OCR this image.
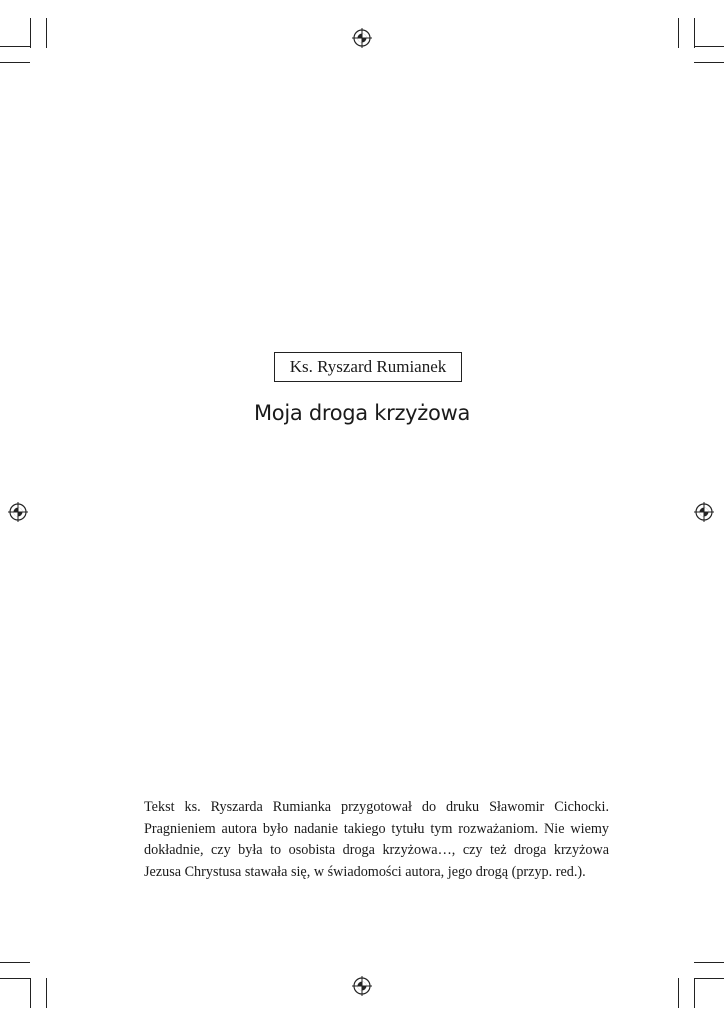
Ks. Ryszard Rumianek
Moja droga krzyżowa
Tekst ks. Ryszarda Rumianka przygotował do druku Sławomir Cichocki.
Pragnieniem autora było nadanie takiego tytułu tym rozważaniom. Nie wiemy
dokładnie, czy była to osobista droga krzyżowa…, czy też droga krzyżowa
Jezusa Chrystusa stawała się, w świadomości autora, jego drogą (przyp. red.).
